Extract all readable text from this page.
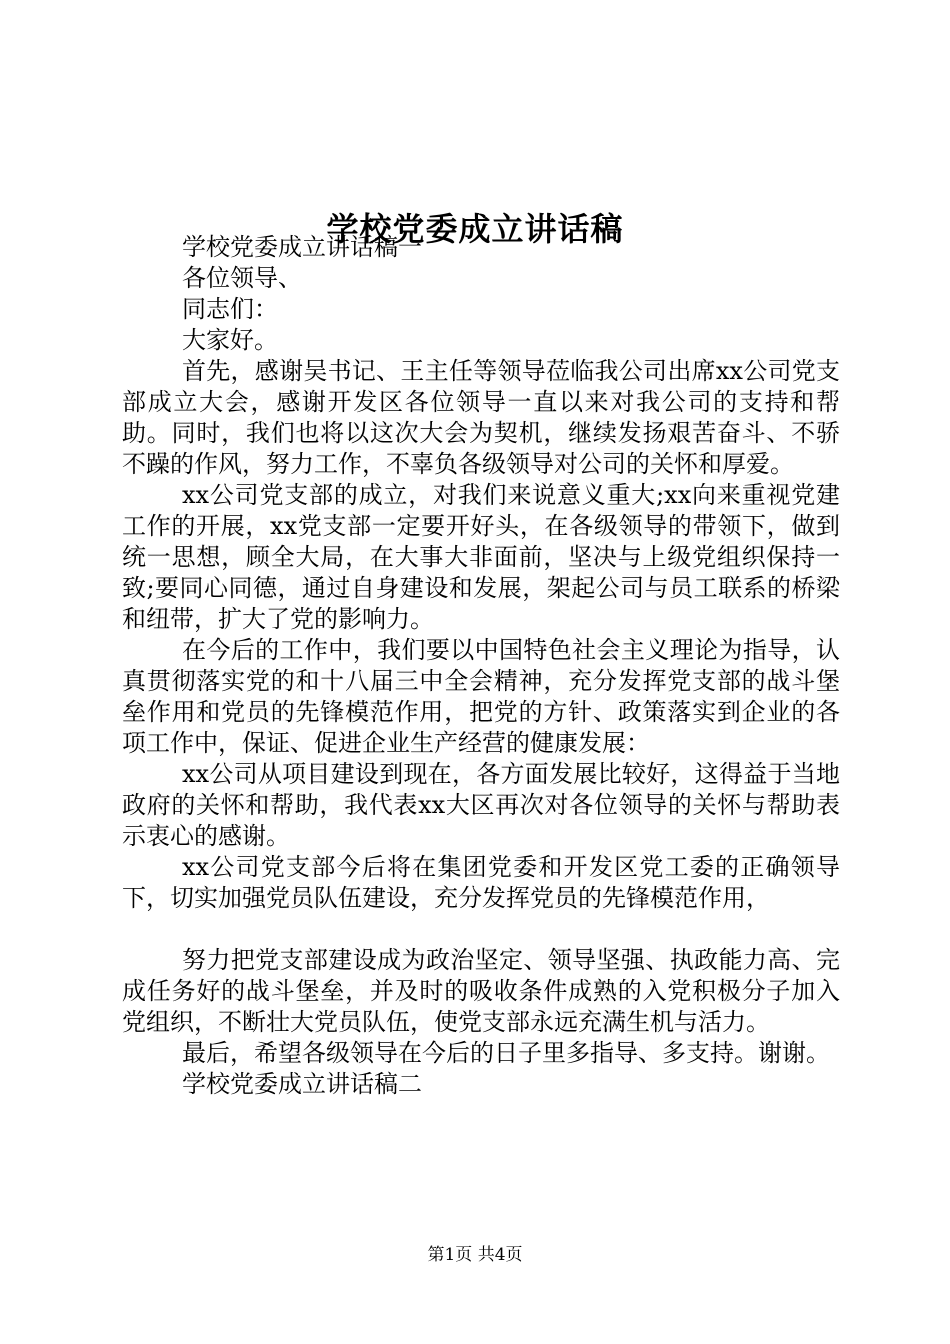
学校党委成立讲话稿

学校党委成立讲话稿一

各位领导、

同志们：

大家好。

首先，感谢吴书记、王主任等领导莅临我公司出席xx公司党支部成立大会，感谢开发区各位领导一直以来对我公司的支持和帮助。同时，我们也将以这次大会为契机，继续发扬艰苦奋斗、不骄不躁的作风，努力工作，不辜负各级领导对公司的关怀和厚爱。

xx公司党支部的成立，对我们来说意义重大;xx向来重视党建工作的开展，xx党支部一定要开好头，在各级领导的带领下，做到统一思想，顾全大局，在大事大非面前，坚决与上级党组织保持一致;要同心同德，通过自身建设和发展，架起公司与员工联系的桥梁和纽带，扩大了党的影响力。

在今后的工作中，我们要以中国特色社会主义理论为指导，认真贯彻落实党的和十八届三中全会精神，充分发挥党支部的战斗堡垒作用和党员的先锋模范作用，把党的方针、政策落实到企业的各项工作中，保证、促进企业生产经营的健康发展：

xx公司从项目建设到现在，各方面发展比较好，这得益于当地政府的关怀和帮助，我代表xx大区再次对各位领导的关怀与帮助表示衷心的感谢。

xx公司党支部今后将在集团党委和开发区党工委的正确领导下，切实加强党员队伍建设，充分发挥党员的先锋模范作用，

努力把党支部建设成为政治坚定、领导坚强、执政能力高、完成任务好的战斗堡垒，并及时的吸收条件成熟的入党积极分子加入党组织，不断壮大党员队伍，使党支部永远充满生机与活力。

最后，希望各级领导在今后的日子里多指导、多支持。谢谢。

学校党委成立讲话稿二

第1页 共4页
